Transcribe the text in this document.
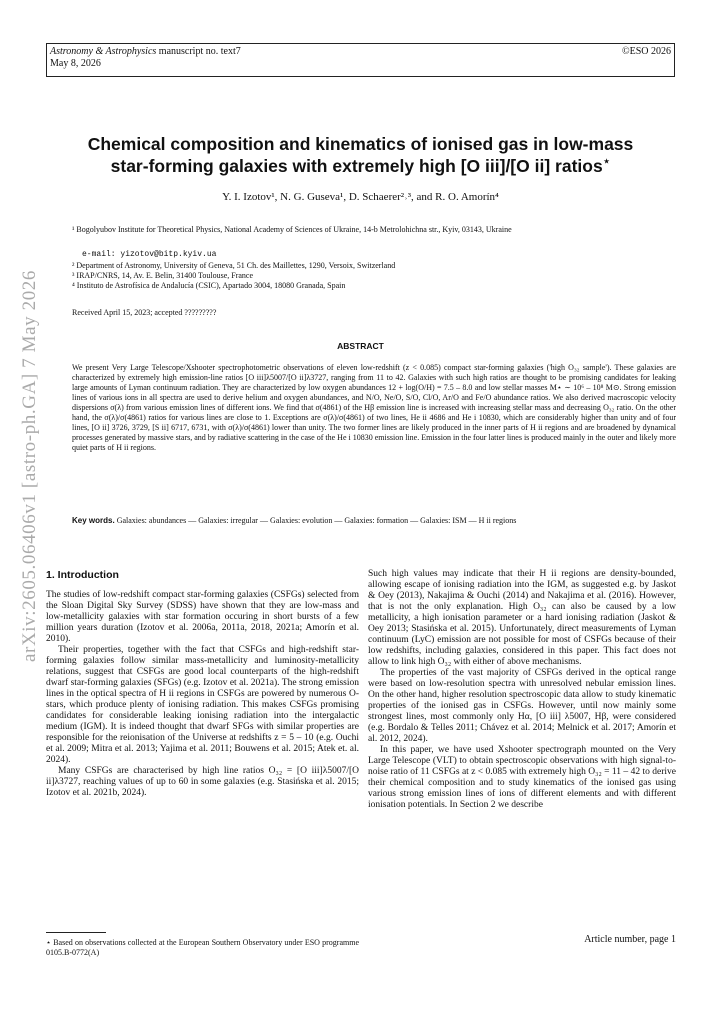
Astronomy & Astrophysics manuscript no. text7
May 8, 2026
©ESO 2026
arXiv:2605.06406v1 [astro-ph.GA] 7 May 2026
Chemical composition and kinematics of ionised gas in low-mass
star-forming galaxies with extremely high [O iii]/[O ii] ratios⋆
Y. I. Izotov¹, N. G. Guseva¹, D. Schaerer²˒³, and R. O. Amorín⁴
¹ Bogolyubov Institute for Theoretical Physics, National Academy of Sciences of Ukraine, 14-b Metrolohichna str., Kyiv, 03143, Ukraine
e-mail: yizotov@bitp.kyiv.ua
² Department of Astronomy, University of Geneva, 51 Ch. des Maillettes, 1290, Versoix, Switzerland
³ IRAP/CNRS, 14, Av. E. Belin, 31400 Toulouse, France
⁴ Instituto de Astrofísica de Andalucía (CSIC), Apartado 3004, 18080 Granada, Spain
Received April 15, 2023; accepted ?????????
ABSTRACT
We present Very Large Telescope/Xshooter spectrophotometric observations of eleven low-redshift (z < 0.085) compact star-forming galaxies ('high O₃₂ sample'). These galaxies are characterized by extremely high emission-line ratios [O iii]λ5007/[O ii]λ3727, ranging from 11 to 42. Galaxies with such high ratios are thought to be promising candidates for leaking large amounts of Lyman continuum radiation. They are characterized by low oxygen abundances 12 + log(O/H) = 7.5 – 8.0 and low stellar masses M⋆ ∼ 10⁶ – 10⁸ M⊙. Strong emission lines of various ions in all spectra are used to derive helium and oxygen abundances, and N/O, Ne/O, S/O, Cl/O, Ar/O and Fe/O abundance ratios. We also derived macroscopic velocity dispersions σ(λ) from various emission lines of different ions. We find that σ(4861) of the Hβ emission line is increased with increasing stellar mass and decreasing O₃₂ ratio. On the other hand, the σ(λ)/σ(4861) ratios for various lines are close to 1. Exceptions are σ(λ)/σ(4861) of two lines, He ii 4686 and He i 10830, which are considerably higher than unity and of four lines, [O ii] 3726, 3729, [S ii] 6717, 6731, with σ(λ)/σ(4861) lower than unity. The two former lines are likely produced in the inner parts of H ii regions and are broadened by dynamical processes generated by massive stars, and by radiative scattering in the case of the He i 10830 emission line. Emission in the four latter lines is produced mainly in the outer and likely more quiet parts of H ii regions.
Key words. Galaxies: abundances — Galaxies: irregular — Galaxies: evolution — Galaxies: formation — Galaxies: ISM — H ii regions
1. Introduction

The studies of low-redshift compact star-forming galaxies (CSFGs) selected from the Sloan Digital Sky Survey (SDSS) have shown that they are low-mass and low-metallicity galaxies with star formation occuring in short bursts of a few million years duration (Izotov et al. 2006a, 2011a, 2018, 2021a; Amorín et al. 2010).

Their properties, together with the fact that CSFGs and high-redshift star-forming galaxies follow similar mass-metallicity and luminosity-metallicity relations, suggest that CSFGs are good local counterparts of the high-redshift dwarf star-forming galaxies (SFGs) (e.g. Izotov et al. 2021a). The strong emission lines in the optical spectra of H ii regions in CSFGs are powered by numerous O-stars, which produce plenty of ionising radiation. This makes CSFGs promising candidates for considerable leaking ionising radiation into the intergalactic medium (IGM). It is indeed thought that dwarf SFGs with similar properties are responsible for the reionisation of the Universe at redshifts z = 5 – 10 (e.g. Ouchi et al. 2009; Mitra et al. 2013; Yajima et al. 2011; Bouwens et al. 2015; Atek et. al. 2024).

Many CSFGs are characterised by high line ratios O₃₂ = [O iii]λ5007/[O ii]λ3727, reaching values of up to 60 in some galaxies (e.g. Stasińska et al. 2015; Izotov et al. 2021b, 2024).

⋆ Based on observations collected at the European Southern Observatory under ESO programme 0105.B-0772(A)

Such high values may indicate that their H ii regions are density-bounded, allowing escape of ionising radiation into the IGM, as suggested e.g. by Jaskot & Oey (2013), Nakajima & Ouchi (2014) and Nakajima et al. (2016). However, that is not the only explanation. High O₃₂ can also be caused by a low metallicity, a high ionisation parameter or a hard ionising radiation (Jaskot & Oey 2013; Stasińska et al. 2015). Unfortunately, direct measurements of Lyman continuum (LyC) emission are not possible for most of CSFGs because of their low redshifts, including galaxies, considered in this paper. This fact does not allow to link high O₃₂ with either of above mechanisms.

The properties of the vast majority of CSFGs derived in the optical range were based on low-resolution spectra with unresolved nebular emission lines. On the other hand, higher resolution spectroscopic data allow to study kinematic properties of the ionised gas in CSFGs. However, until now mainly some strongest lines, most commonly only Hα, [O iii] λ5007, Hβ, were considered (e.g. Bordalo & Telles 2011; Chávez et al. 2014; Melnick et al. 2017; Amorín et al. 2012, 2024).

In this paper, we have used Xshooter spectrograph mounted on the Very Large Telescope (VLT) to obtain spectroscopic observations with high signal-to-noise ratio of 11 CSFGs at z < 0.085 with extremely high O₃₂ = 11 – 42 to derive their chemical composition and to study kinematics of the ionised gas using various strong emission lines of ions of different elements and with different ionisation potentials. In Section 2 we describe

Article number, page 1
